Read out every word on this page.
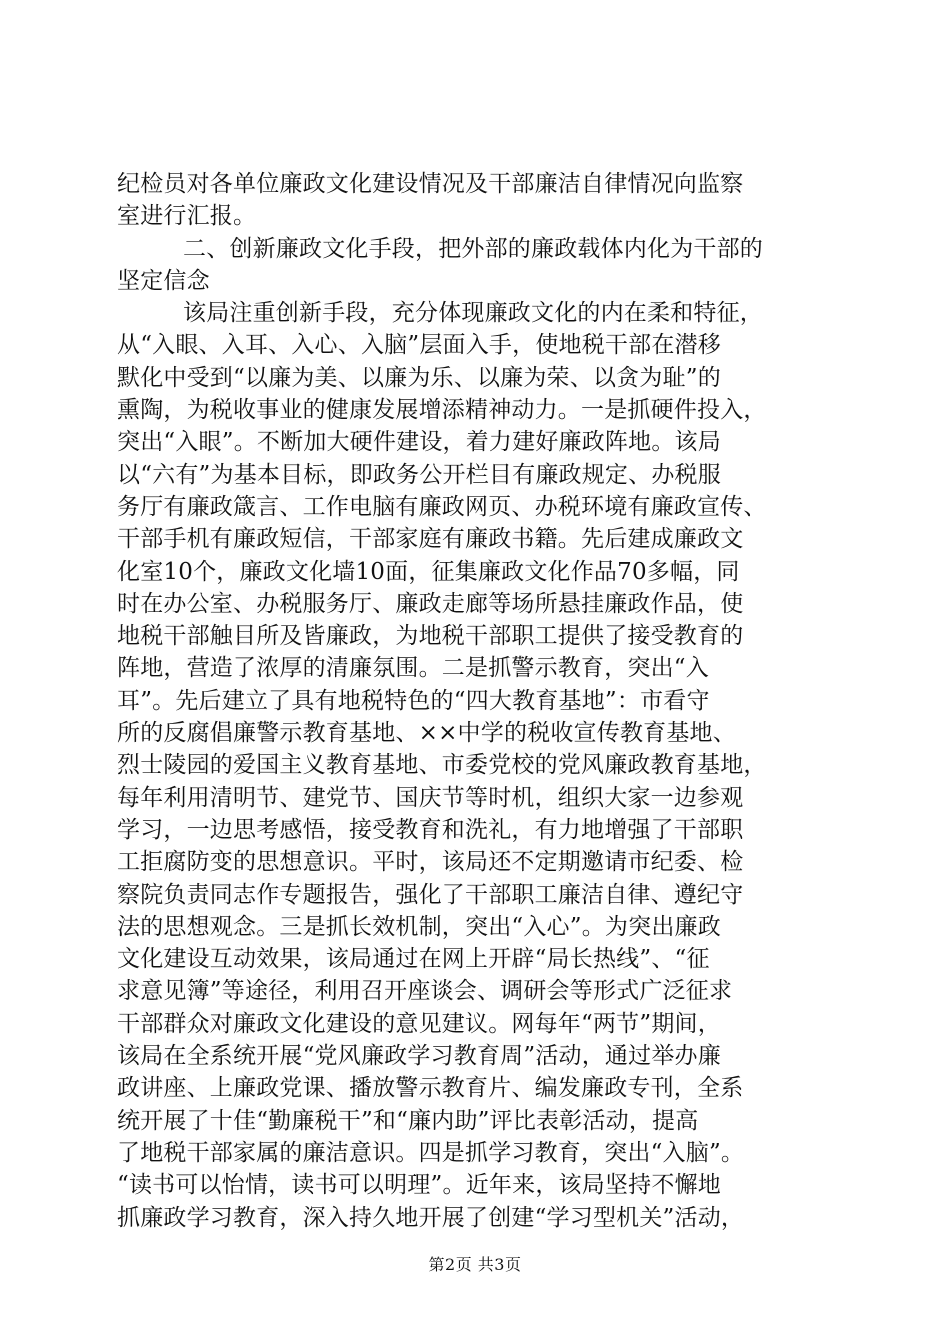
纪检员对各单位廉政文化建设情况及干部廉洁自律情况向监察
室进行汇报。
二、创新廉政文化手段，把外部的廉政载体内化为干部的
坚定信念
该局注重创新手段，充分体现廉政文化的内在柔和特征，
从“入眼、入耳、入心、入脑”层面入手，使地税干部在潜移
默化中受到“以廉为美、以廉为乐、以廉为荣、以贪为耻”的
熏陶，为税收事业的健康发展增添精神动力。一是抓硬件投入，
突出“入眼”。不断加大硬件建设，着力建好廉政阵地。该局
以“六有”为基本目标，即政务公开栏目有廉政规定、办税服
务厅有廉政箴言、工作电脑有廉政网页、办税环境有廉政宣传、
干部手机有廉政短信，干部家庭有廉政书籍。先后建成廉政文
化室10个，廉政文化墙10面，征集廉政文化作品70多幅，同
时在办公室、办税服务厅、廉政走廊等场所悬挂廉政作品，使
地税干部触目所及皆廉政，为地税干部职工提供了接受教育的
阵地，营造了浓厚的清廉氛围。二是抓警示教育，突出“入
耳”。先后建立了具有地税特色的“四大教育基地”：市看守
所的反腐倡廉警示教育基地、××中学的税收宣传教育基地、
烈士陵园的爱国主义教育基地、市委党校的党风廉政教育基地，
每年利用清明节、建党节、国庆节等时机，组织大家一边参观
学习，一边思考感悟，接受教育和洗礼，有力地增强了干部职
工拒腐防变的思想意识。平时，该局还不定期邀请市纪委、检
察院负责同志作专题报告，强化了干部职工廉洁自律、遵纪守
法的思想观念。三是抓长效机制，突出“入心”。为突出廉政
文化建设互动效果，该局通过在网上开辟“局长热线”、“征
求意见簿”等途径，利用召开座谈会、调研会等形式广泛征求
干部群众对廉政文化建设的意见建议。网每年“两节”期间，
该局在全系统开展“党风廉政学习教育周”活动，通过举办廉
政讲座、上廉政党课、播放警示教育片、编发廉政专刊，全系
统开展了十佳“勤廉税干”和“廉内助”评比表彰活动，提高
了地税干部家属的廉洁意识。四是抓学习教育，突出“入脑”。
“读书可以怡情，读书可以明理”。近年来，该局坚持不懈地
抓廉政学习教育，深入持久地开展了创建“学习型机关”活动，
第2页 共3页
